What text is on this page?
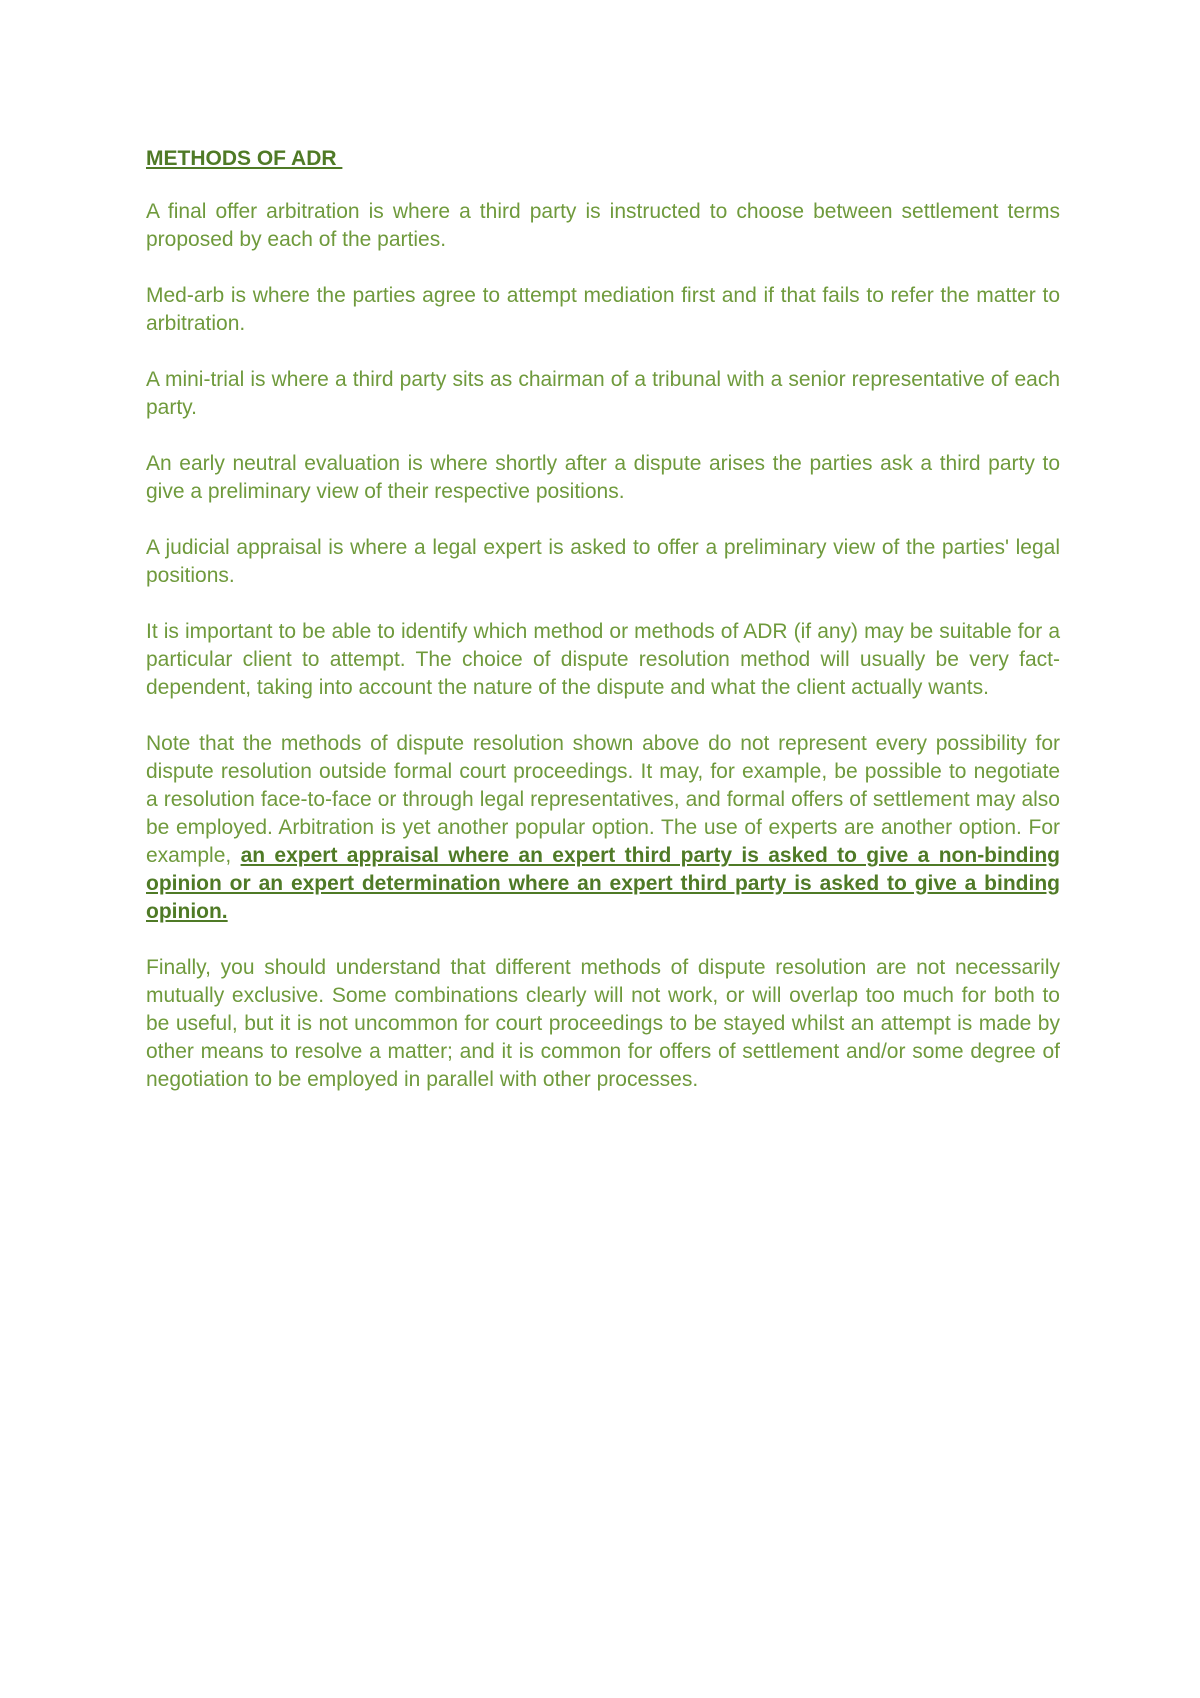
METHODS OF ADR

A final offer arbitration is where a third party is instructed to choose between settlement terms proposed by each of the parties.

Med-arb is where the parties agree to attempt mediation first and if that fails to refer the matter to arbitration.

A mini-trial is where a third party sits as chairman of a tribunal with a senior representative of each party.

An early neutral evaluation is where shortly after a dispute arises the parties ask a third party to give a preliminary view of their respective positions.

A judicial appraisal is where a legal expert is asked to offer a preliminary view of the parties' legal positions.

It is important to be able to identify which method or methods of ADR (if any) may be suitable for a particular client to attempt. The choice of dispute resolution method will usually be very fact-dependent, taking into account the nature of the dispute and what the client actually wants.

Note that the methods of dispute resolution shown above do not represent every possibility for dispute resolution outside formal court proceedings. It may, for example, be possible to negotiate a resolution face-to-face or through legal representatives, and formal offers of settlement may also be employed. Arbitration is yet another popular option. The use of experts are another option. For example, an expert appraisal where an expert third party is asked to give a non-binding opinion or an expert determination where an expert third party is asked to give a binding opinion.

Finally, you should understand that different methods of dispute resolution are not necessarily mutually exclusive. Some combinations clearly will not work, or will overlap too much for both to be useful, but it is not uncommon for court proceedings to be stayed whilst an attempt is made by other means to resolve a matter; and it is common for offers of settlement and/or some degree of negotiation to be employed in parallel with other processes.
